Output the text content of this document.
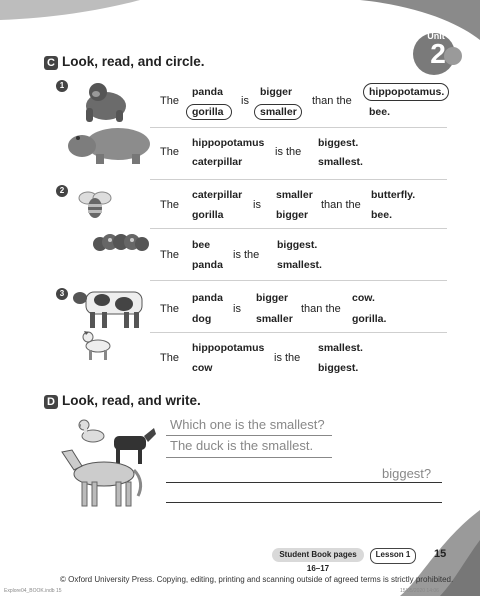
Unit
2
C Look, read, and circle.
1
The
panda
gorilla
is
bigger
smaller
than the
hippopotamus.
bee.
The
hippopotamus
caterpillar
is the
biggest.
smallest.
2
The
caterpillar
gorilla
is
smaller
bigger
than the
butterfly.
bee.
The
bee
panda
is the
biggest.
smallest.
3
The
panda
dog
is
bigger
smaller
than the
cow.
gorilla.
The
hippopotamus
cow
is the
smallest.
biggest.
D Look, read, and write.
Which one is the smallest?
The duck is the smallest.
biggest?
Student Book pages 16–17
Lesson 1	15
© Oxford University Press. Copying, editing, printing and scanning outside of agreed terms is strictly prohibited.
Explore04_BOOK.indb 15	15/05/2020 14:06
